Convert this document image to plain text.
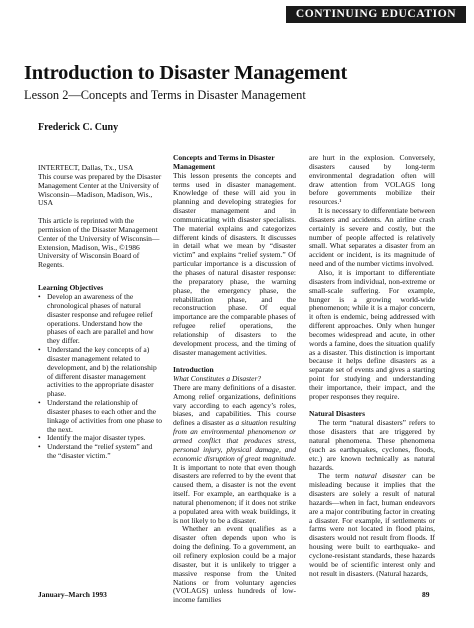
CONTINUING EDUCATION
Introduction to Disaster Management
Lesson 2—Concepts and Terms in Disaster Management
Frederick C. Cuny

INTERTECT, Dallas, Tx., USA
This course was prepared by the Disaster Management Center at the University of Wisconsin—Madison, Madison, Wis., USA

This article is reprinted with the permission of the Disaster Management Center of the University of Wisconsin—Extension, Madison, Wis., ©1986 University of Wisconsin Board of Regents.

Learning Objectives

• Develop an awareness of the chronological phases of natural disaster response and refugee relief operations. Understand how the phases of each are parallel and how they differ.
• Understand the key concepts of a) disaster management related to development, and b) the relationship of different disaster management activities to the appropriate disaster phase.
• Understand the relationship of disaster phases to each other and the linkage of activities from one phase to the next.
• Identify the major disaster types.
• Understand the “relief system” and the “disaster victim.”

Concepts and Terms in Disaster Management

This lesson presents the concepts and terms used in disaster management. Knowledge of these will aid you in planning and developing strategies for disaster management and in communicating with disaster specialists. The material explains and categorizes different kinds of disasters. It discusses in detail what we mean by “disaster victim” and explains “relief system.” Of particular importance is a discussion of the phases of natural disaster response: the preparatory phase, the warning phase, the emergency phase, the rehabilitation phase, and the reconstruction phase. Of equal importance are the comparable phases of refugee relief operations, the relationship of disasters to the development process, and the timing of disaster management activities.

Introduction

What Constitutes a Disaster?

There are many definitions of a disaster. Among relief organizations, definitions vary according to each agency’s roles, biases, and capabilities. This course defines a disaster as a situation resulting from an environmental phenomenon or armed conflict that produces stress, personal injury, physical damage, and economic disruption of great magnitude. It is important to note that even though disasters are referred to by the event that caused them, a disaster is not the event itself. For example, an earthquake is a natural phenomenon; if it does not strike a populated area with weak buildings, it is not likely to be a disaster.

Whether an event qualifies as a disaster often depends upon who is doing the defining. To a government, an oil refinery explosion could be a major disaster, but it is unlikely to trigger a massive response from the United Nations or from voluntary agencies (VOLAGS) unless hundreds of low-income families

are hurt in the explosion. Conversely, disasters caused by long-term environmental degradation often will draw attention from VOLAGS long before governments mobilize their resources.¹

It is necessary to differentiate between disasters and accidents. An airline crash certainly is severe and costly, but the number of people affected is relatively small. What separates a disaster from an accident or incident, is its magnitude of need and of the number victims involved.

Also, it is important to differentiate disasters from individual, non-extreme or small-scale suffering. For example, hunger is a growing world-wide phenomenon; while it is a major concern, it often is endemic, being addressed with different approaches. Only when hunger becomes widespread and acute, in other words a famine, does the situation qualify as a disaster. This distinction is important because it helps define disasters as a separate set of events and gives a starting point for studying and understanding their importance, their impact, and the proper responses they require.

Natural Disasters

The term “natural disasters” refers to those disasters that are triggered by natural phenomena. These phenomena (such as earthquakes, cyclones, floods, etc.) are known technically as natural hazards.

The term natural disaster can be misleading because it implies that the disasters are solely a result of natural hazards—when in fact, human endeavors are a major contributing factor in creating a disaster. For example, if settlements or farms were not located in flood plains, disasters would not result from floods. If housing were built to earthquake- and cyclone-resistant standards, these hazards would be of scientific interest only and not result in disasters. (Natural hazards,

January–March 1993	89
